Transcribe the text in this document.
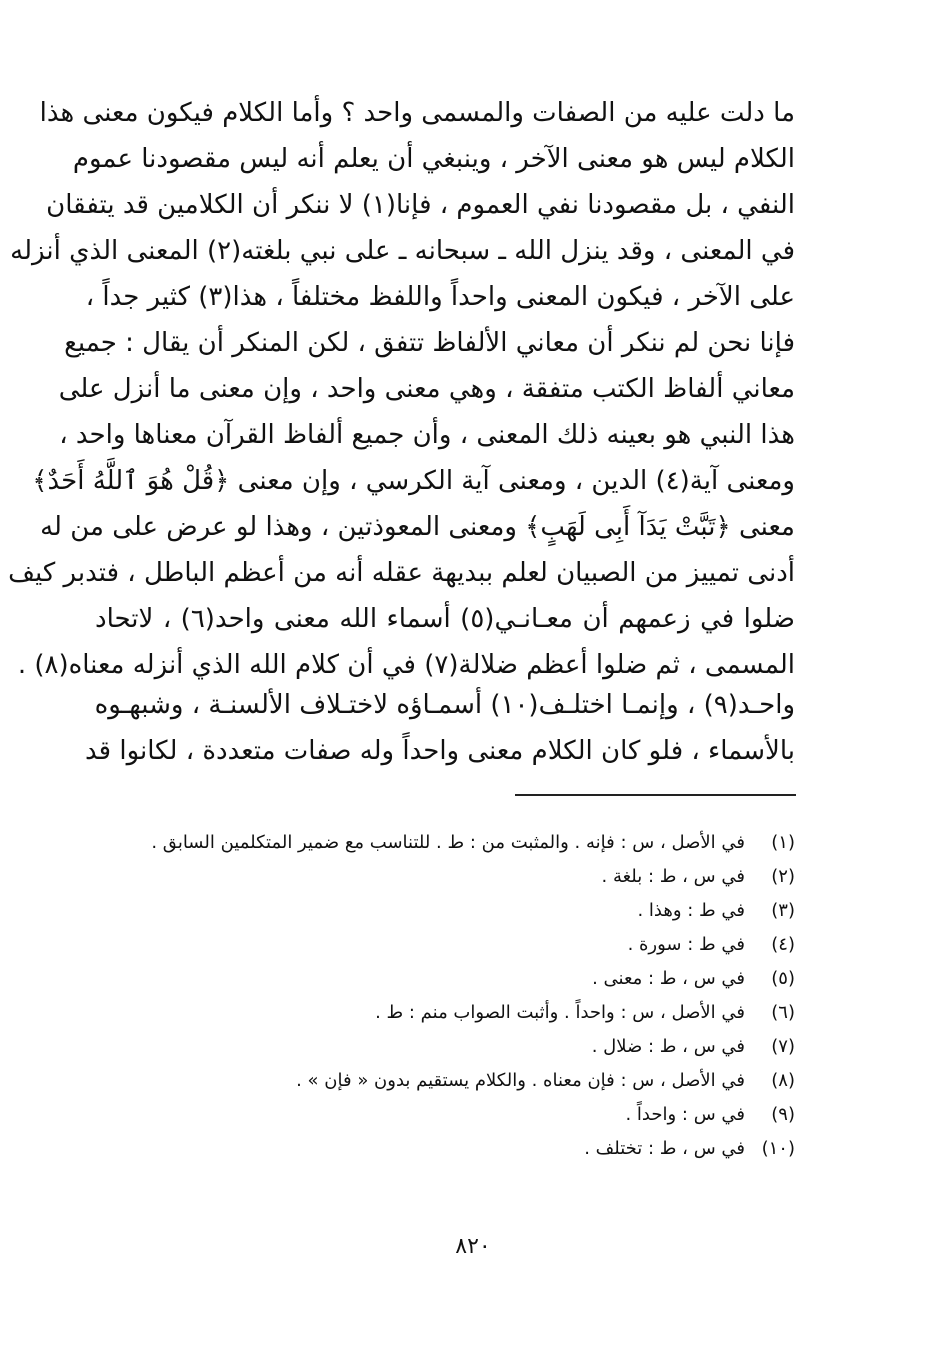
ما دلت عليه من الصفات والمسمى واحد ؟ وأما الكلام فيكون معنى هذا
الكلام ليس هو معنى الآخر ، وينبغي أن يعلم أنه ليس مقصودنا عموم
النفي ، بل مقصودنا نفي العموم ، فإنا(١) لا ننكر أن الكلامين قد يتفقان
في المعنى ، وقد ينزل الله ـ سبحانه ـ على نبي بلغته(٢) المعنى الذي أنزله
على الآخر ، فيكون المعنى واحداً واللفظ مختلفاً ، هذا(٣) كثير جداً ،
فإنا نحن لم ننكر أن معاني الألفاظ تتفق ، لكن المنكر أن يقال : جميع
معاني ألفاظ الكتب متفقة ، وهي معنى واحد ، وإن معنى ما أنزل على
هذا النبي هو بعينه ذلك المعنى ، وأن جميع ألفاظ القرآن معناها واحد ،
ومعنى آية(٤) الدين ، ومعنى آية الكرسي ، وإن معنى ﴿قُلْ هُوَ ٱللَّهُ أَحَدٌ﴾
معنى ﴿تَبَّتْ يَدَآ أَبِى لَهَبٍ﴾ ومعنى المعوذتين ، وهذا لو عرض على من له
أدنى تمييز من الصبيان لعلم ببديهة عقله أنه من أعظم الباطل ، فتدبر كيف
ضلوا في زعمهم أن معـانـي(٥) أسماء الله معنى واحد(٦) ، لاتحاد
المسمى ، ثم ضلوا أعظم ضلالة(٧) في أن كلام الله الذي أنزله معناه(٨) .
واحـد(٩) ، وإنمـا اختلـف(١٠) أسمـاؤه لاختـلاف الألسنـة ، وشبهـوه
بالأسماء ، فلو كان الكلام معنى واحداً وله صفات متعددة ، لكانوا قد
(١)
في الأصل ، س : فإنه . والمثبت من : ط . للتناسب مع ضمير المتكلمين السابق .
(٢)
في س ، ط : بلغة .
(٣)
في ط : وهذا .
(٤)
في ط : سورة .
(٥)
في س ، ط : معنى .
(٦)
في الأصل ، س : واحداً . وأثبت الصواب منم : ط .
(٧)
في س ، ط : ضلال .
(٨)
في الأصل ، س : فإن معناه . والكلام يستقيم بدون « فإن » .
(٩)
في س : واحداً .
(١٠)
في س ، ط : تختلف .
٨٢٠
